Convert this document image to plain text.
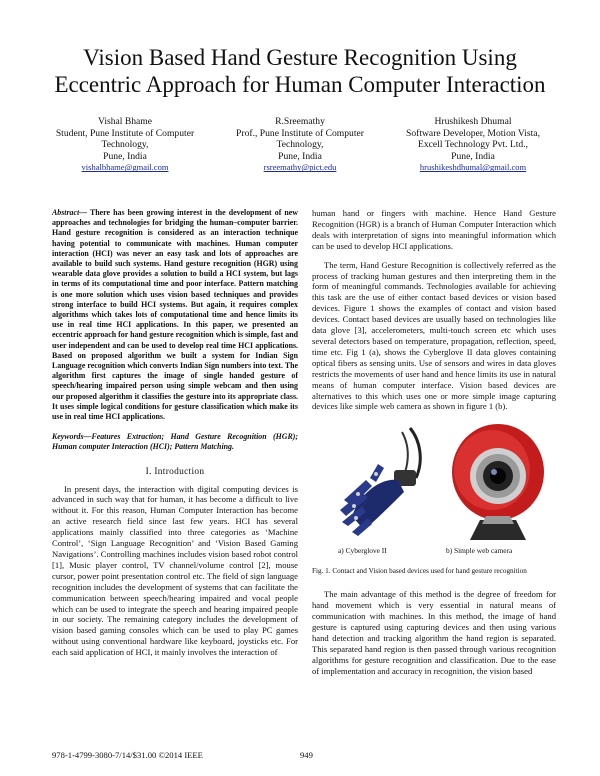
Vision Based Hand Gesture Recognition Using
Eccentric Approach for Human Computer Interaction
Vishal Bhame
Student, Pune Institute of Computer
Technology,
Pune, India
vishalbhame@gmail.com
R.Sreemathy
Prof., Pune Institute of Computer
Technology,
Pune, India
rsreemathy@pict.edu
Hrushikesh Dhumal
Software Developer, Motion Vista,
Excell Technology Pvt. Ltd.,
Pune, India
hrushikeshdhumal@gmail.com
Abstract— There has been growing interest in the development of new approaches and technologies for bridging the human–computer barrier. Hand gesture recognition is considered as an interaction technique having potential to communicate with machines. Human computer interaction (HCI) was never an easy task and lots of approaches are available to build such systems. Hand gesture recognition (HGR) using wearable data glove provides a solution to build a HCI system, but lags in terms of its computational time and poor interface. Pattern matching is one more solution which uses vision based techniques and provides strong interface to build HCI systems. But again, it requires complex algorithms which takes lots of computational time and hence limits its use in real time HCI applications. In this paper, we presented an eccentric approach for hand gesture recognition which is simple, fast and user independent and can be used to develop real time HCI applications. Based on proposed algorithm we built a system for Indian Sign Language recognition which converts Indian Sign numbers into text. The algorithm first captures the image of single handed gesture of speech/hearing impaired person using simple webcam and then using our proposed algorithm it classifies the gesture into its appropriate class. It uses simple logical conditions for gesture classification which make its use in real time HCI applications.
Keywords—Features Extraction; Hand Gesture Recognition (HGR); Human computer Interaction (HCI); Pattern Matching.
I. Introduction

In present days, the interaction with digital computing devices is advanced in such way that for human, it has become a difficult to live without it. For this reason, Human Computer Interaction has become an active research field since last few years. HCI has several applications mainly classified into three categories as ‘Machine Control’, ‘Sign Language Recognition’ and ‘Vision Based Gaming Navigations’. Controlling machines includes vision based robot control [1], Music player control, TV channel/volume control [2], mouse cursor, power point presentation control etc. The field of sign language recognition includes the development of systems that can facilitate the communication between speech/hearing impaired and vocal people which can be used to integrate the speech and hearing impaired people in our society. The remaining category includes the development of vision based gaming consoles which can be used to play PC games without using conventional hardware like keyboard, joysticks etc. For each said application of HCI, it mainly involves the interaction of

human hand or fingers with machine. Hence Hand Gesture Recognition (HGR) is a branch of Human Computer Interaction which deals with interpretation of signs into meaningful information which can be used to develop HCI applications.

The term, Hand Gesture Recognition is collectively referred as the process of tracking human gestures and then interpreting them in the form of meaningful commands. Technologies available for achieving this task are the use of either contact based devices or vision based devices. Figure 1 shows the examples of contact and vision based devices. Contact based devices are usually based on technologies like data glove [3], accelerometers, multi-touch screen etc which uses several detectors based on temperature, propagation, reflection, speed, time etc. Fig 1 (a), shows the Cyberglove II data gloves containing optical fibers as sensing units. Use of sensors and wires in data gloves restricts the movements of user hand and hence limits its use in natural means of human computer interface. Vision based devices are alternatives to this which uses one or more simple image capturing devices like simple web camera as shown in figure 1 (b).

a) Cyberglove II	b) Simple web camera
Fig. 1. Contact and Vision based devices used for hand gesture recognition

The main advantage of this method is the degree of freedom for hand movement which is very essential in natural means of communication with machines. In this method, the image of hand gesture is captured using capturing devices and then using various hand detection and tracking algorithm the hand region is separated. This separated hand region is then passed through various recognition algorithms for gesture recognition and classification. Due to the ease of implementation and accuracy in recognition, the vision based

978-1-4799-3080-7/14/$31.00 ©2014 IEEE	949
